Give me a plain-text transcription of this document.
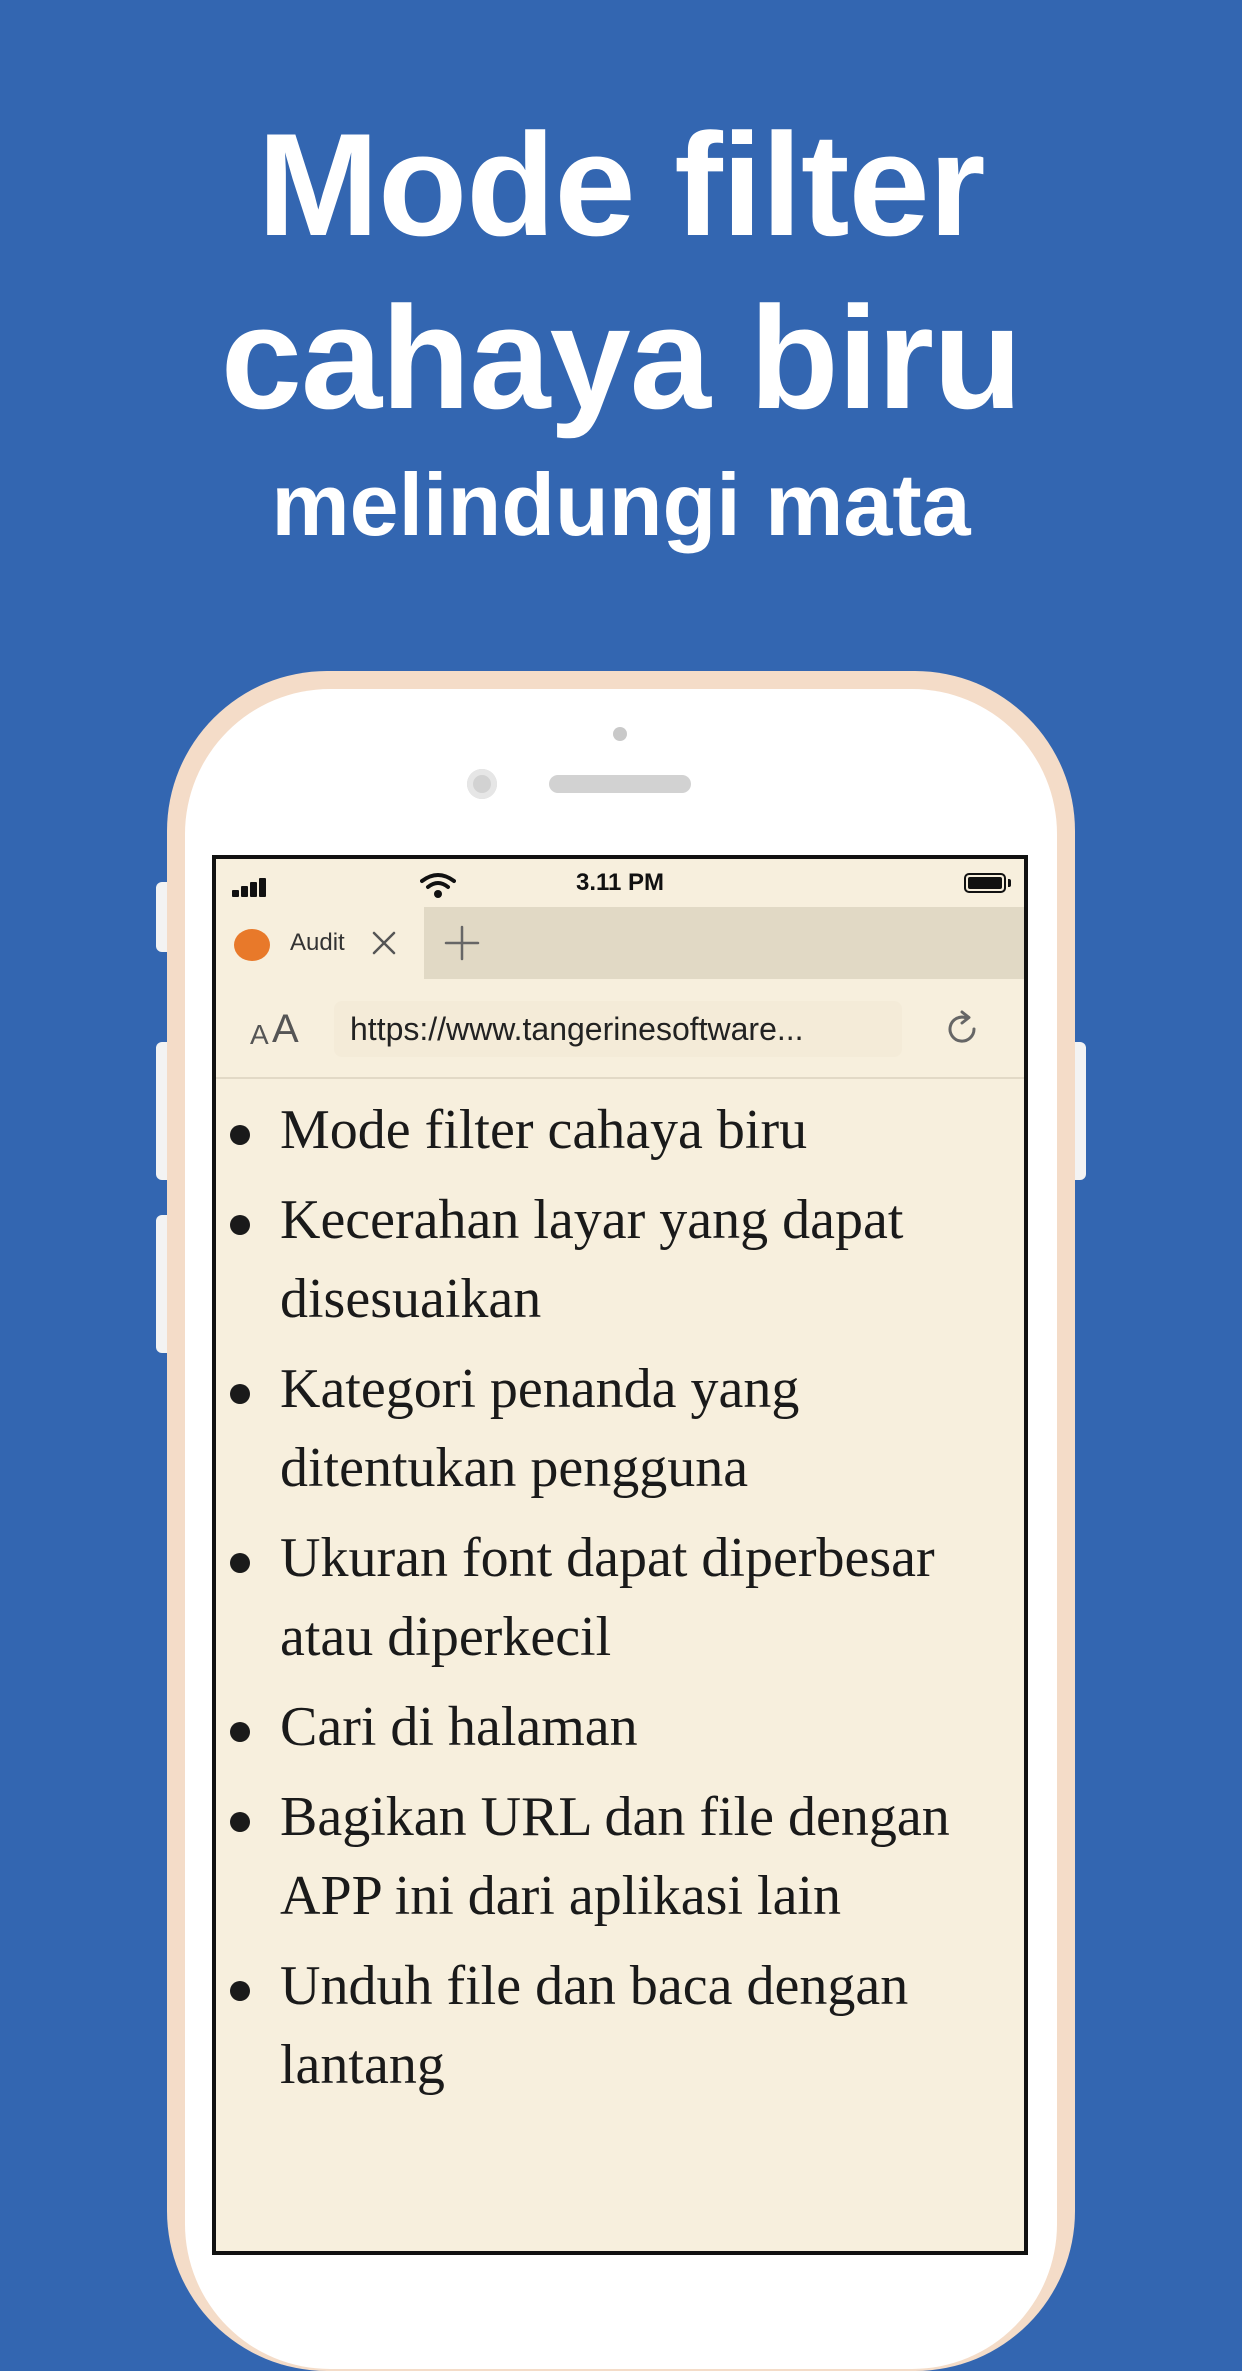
Mode filter
cahaya biru
melindungi mata
3.11 PM
Audit
A A	https://www.tangerinesoftware...
Mode filter cahaya biru
Kecerahan layar yang dapat disesuaikan
Kategori penanda yang ditentukan pengguna
Ukuran font dapat diperbesar atau diperkecil
Cari di halaman
Bagikan URL dan file dengan APP ini dari aplikasi lain
Unduh file dan baca dengan lantang
